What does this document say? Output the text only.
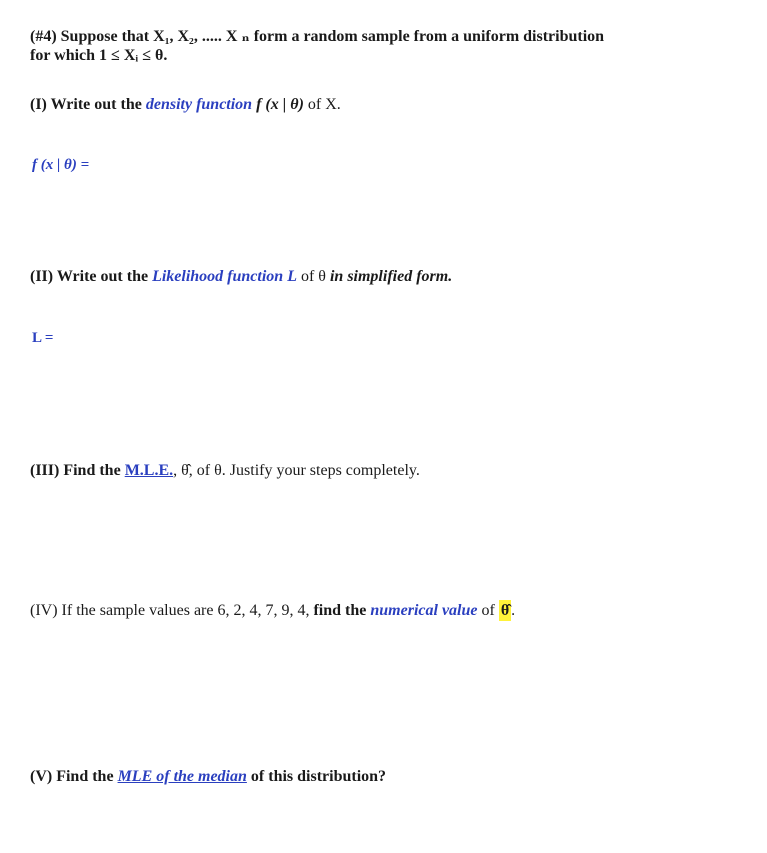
(#4) Suppose that X₁, X₂, ..... X ₙ form a random sample from a uniform distribution
for which 1 ≤ Xᵢ ≤ θ.
(I) Write out the density function f (x | θ) of X.
f (x | θ) =
(II) Write out the Likelihood function L of θ in simplified form.
L =
(III) Find the M.L.E., θ̂, of θ. Justify your steps completely.
(IV) If the sample values are 6, 2, 4, 7, 9, 4, find the numerical value of θ̂ .
(V) Find the MLE of the median of this distribution?
